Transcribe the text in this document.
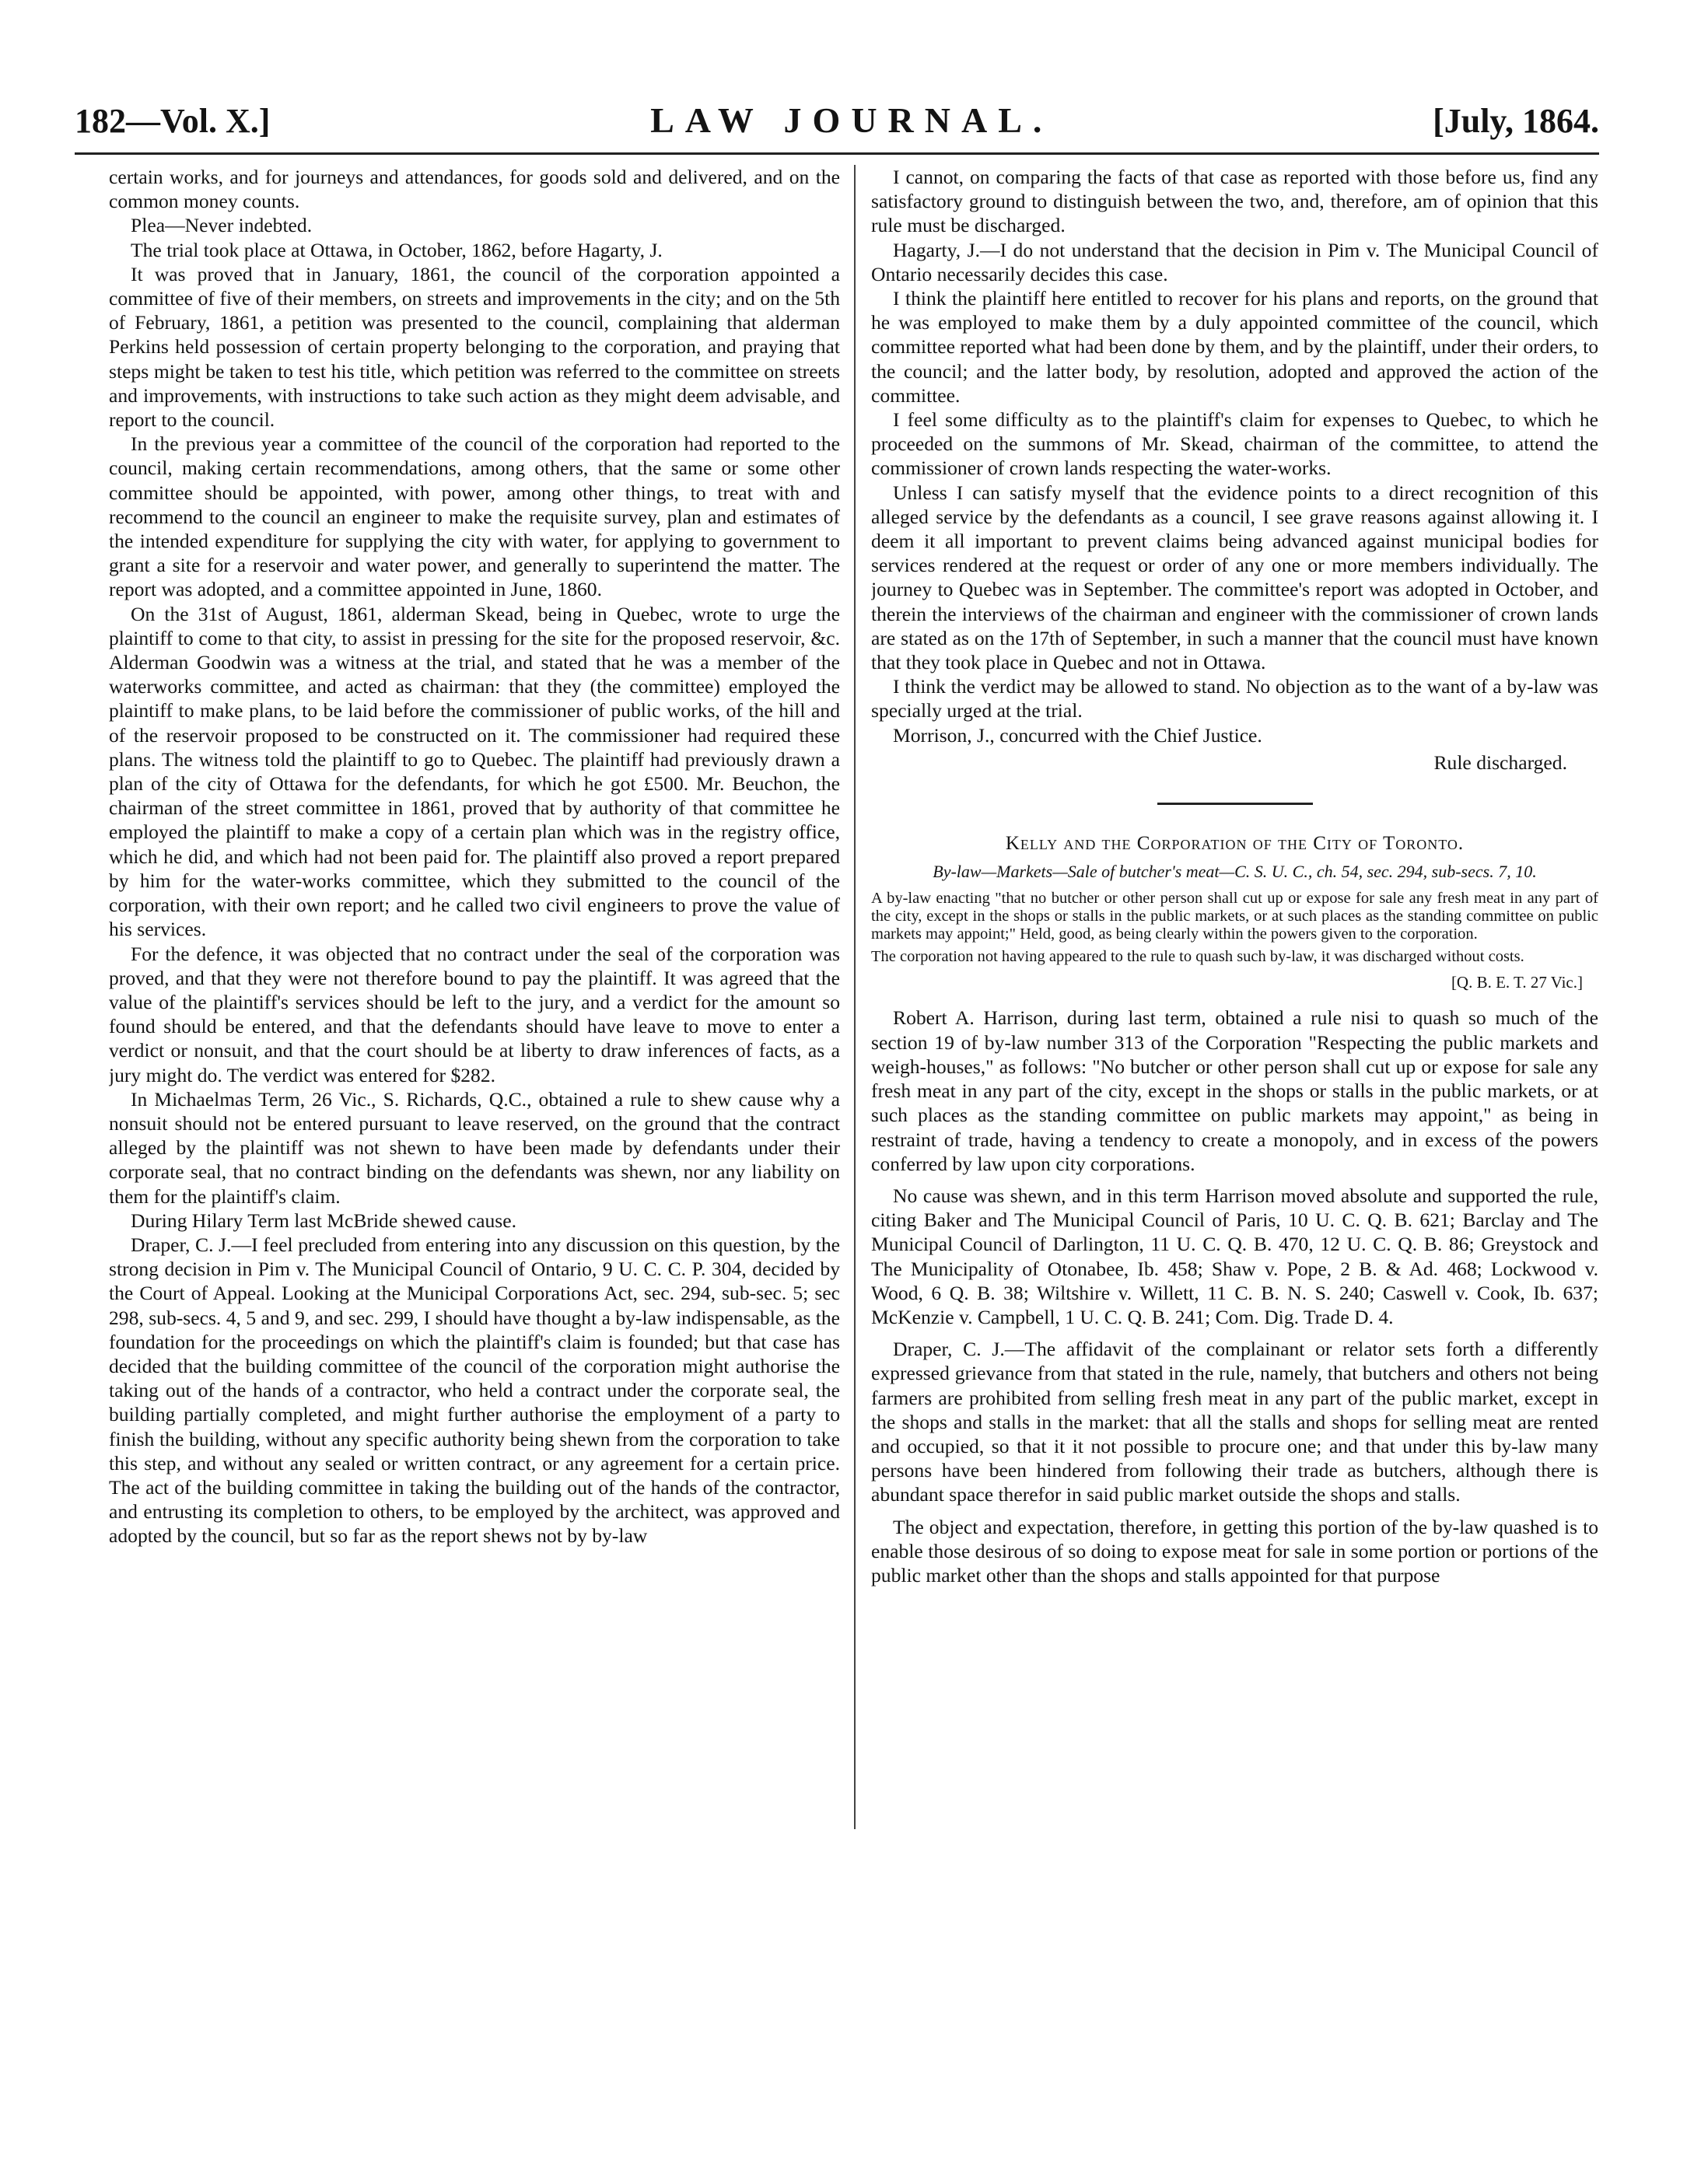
182—Vol. X.]	LAW JOURNAL.	[July, 1864.

certain works, and for journeys and attendances, for goods sold and delivered, and on the common money counts.

Plea—Never indebted.

The trial took place at Ottawa, in October, 1862, before Hagarty, J.

It was proved that in January, 1861, the council of the corporation appointed a committee of five of their members, on streets and improvements in the city; and on the 5th of February, 1861, a petition was presented to the council, complaining that alderman Perkins held possession of certain property belonging to the corporation, and praying that steps might be taken to test his title, which petition was referred to the committee on streets and improvements, with instructions to take such action as they might deem advisable, and report to the council.

In the previous year a committee of the council of the corporation had reported to the council, making certain recommendations, among others, that the same or some other committee should be appointed, with power, among other things, to treat with and recommend to the council an engineer to make the requisite survey, plan and estimates of the intended expenditure for supplying the city with water, for applying to government to grant a site for a reservoir and water power, and generally to superintend the matter. The report was adopted, and a committee appointed in June, 1860.

On the 31st of August, 1861, alderman Skead, being in Quebec, wrote to urge the plaintiff to come to that city, to assist in pressing for the site for the proposed reservoir, &c. Alderman Goodwin was a witness at the trial, and stated that he was a member of the waterworks committee, and acted as chairman: that they (the committee) employed the plaintiff to make plans, to be laid before the commissioner of public works, of the hill and of the reservoir proposed to be constructed on it. The commissioner had required these plans. The witness told the plaintiff to go to Quebec. The plaintiff had previously drawn a plan of the city of Ottawa for the defendants, for which he got £500. Mr. Beuchon, the chairman of the street committee in 1861, proved that by authority of that committee he employed the plaintiff to make a copy of a certain plan which was in the registry office, which he did, and which had not been paid for. The plaintiff also proved a report prepared by him for the water-works committee, which they submitted to the council of the corporation, with their own report; and he called two civil engineers to prove the value of his services.

For the defence, it was objected that no contract under the seal of the corporation was proved, and that they were not therefore bound to pay the plaintiff. It was agreed that the value of the plaintiff's services should be left to the jury, and a verdict for the amount so found should be entered, and that the defendants should have leave to move to enter a verdict or nonsuit, and that the court should be at liberty to draw inferences of facts, as a jury might do. The verdict was entered for $282.

In Michaelmas Term, 26 Vic., S. Richards, Q.C., obtained a rule to shew cause why a nonsuit should not be entered pursuant to leave reserved, on the ground that the contract alleged by the plaintiff was not shewn to have been made by defendants under their corporate seal, that no contract binding on the defendants was shewn, nor any liability on them for the plaintiff's claim.

During Hilary Term last McBride shewed cause.

Draper, C. J.—I feel precluded from entering into any discussion on this question, by the strong decision in Pim v. The Municipal Council of Ontario, 9 U. C. C. P. 304, decided by the Court of Appeal. Looking at the Municipal Corporations Act, sec. 294, sub-sec. 5; sec 298, sub-secs. 4, 5 and 9, and sec. 299, I should have thought a by-law indispensable, as the foundation for the proceedings on which the plaintiff's claim is founded; but that case has decided that the building committee of the council of the corporation might authorise the taking out of the hands of a contractor, who held a contract under the corporate seal, the building partially completed, and might further authorise the employment of a party to finish the building, without any specific authority being shewn from the corporation to take this step, and without any sealed or written contract, or any agreement for a certain price. The act of the building committee in taking the building out of the hands of the contractor, and entrusting its completion to others, to be employed by the architect, was approved and adopted by the council, but so far as the report shews not by by-law

I cannot, on comparing the facts of that case as reported with those before us, find any satisfactory ground to distinguish between the two, and, therefore, am of opinion that this rule must be discharged.

Hagarty, J.—I do not understand that the decision in Pim v. The Municipal Council of Ontario necessarily decides this case.

I think the plaintiff here entitled to recover for his plans and reports, on the ground that he was employed to make them by a duly appointed committee of the council, which committee reported what had been done by them, and by the plaintiff, under their orders, to the council; and the latter body, by resolution, adopted and approved the action of the committee.

I feel some difficulty as to the plaintiff's claim for expenses to Quebec, to which he proceeded on the summons of Mr. Skead, chairman of the committee, to attend the commissioner of crown lands respecting the water-works.

Unless I can satisfy myself that the evidence points to a direct recognition of this alleged service by the defendants as a council, I see grave reasons against allowing it. I deem it all important to prevent claims being advanced against municipal bodies for services rendered at the request or order of any one or more members individually. The journey to Quebec was in September. The committee's report was adopted in October, and therein the interviews of the chairman and engineer with the commissioner of crown lands are stated as on the 17th of September, in such a manner that the council must have known that they took place in Quebec and not in Ottawa.

I think the verdict may be allowed to stand. No objection as to the want of a by-law was specially urged at the trial.

Morrison, J., concurred with the Chief Justice.

Rule discharged.
Kelly and the Corporation of the City of Toronto.
By-law—Markets—Sale of butcher's meat—C. S. U. C., ch. 54, sec. 294, sub-secs. 7, 10.

A by-law enacting "that no butcher or other person shall cut up or expose for sale any fresh meat in any part of the city, except in the shops or stalls in the public markets, or at such places as the standing committee on public markets may appoint;" Held, good, as being clearly within the powers given to the corporation.

The corporation not having appeared to the rule to quash such by-law, it was discharged without costs.

[Q. B. E. T. 27 Vic.]

Robert A. Harrison, during last term, obtained a rule nisi to quash so much of the section 19 of by-law number 313 of the Corporation "Respecting the public markets and weigh-houses," as follows: "No butcher or other person shall cut up or expose for sale any fresh meat in any part of the city, except in the shops or stalls in the public markets, or at such places as the standing committee on public markets may appoint," as being in restraint of trade, having a tendency to create a monopoly, and in excess of the powers conferred by law upon city corporations.

No cause was shewn, and in this term Harrison moved absolute and supported the rule, citing Baker and The Municipal Council of Paris, 10 U. C. Q. B. 621; Barclay and The Municipal Council of Darlington, 11 U. C. Q. B. 470, 12 U. C. Q. B. 86; Greystock and The Municipality of Otonabee, Ib. 458; Shaw v. Pope, 2 B. & Ad. 468; Lockwood v. Wood, 6 Q. B. 38; Wiltshire v. Willett, 11 C. B. N. S. 240; Caswell v. Cook, Ib. 637; McKenzie v. Campbell, 1 U. C. Q. B. 241; Com. Dig. Trade D. 4.

Draper, C. J.—The affidavit of the complainant or relator sets forth a differently expressed grievance from that stated in the rule, namely, that butchers and others not being farmers are prohibited from selling fresh meat in any part of the public market, except in the shops and stalls in the market: that all the stalls and shops for selling meat are rented and occupied, so that it it not possible to procure one; and that under this by-law many persons have been hindered from following their trade as butchers, although there is abundant space therefor in said public market outside the shops and stalls.

The object and expectation, therefore, in getting this portion of the by-law quashed is to enable those desirous of so doing to expose meat for sale in some portion or portions of the public market other than the shops and stalls appointed for that purpose
